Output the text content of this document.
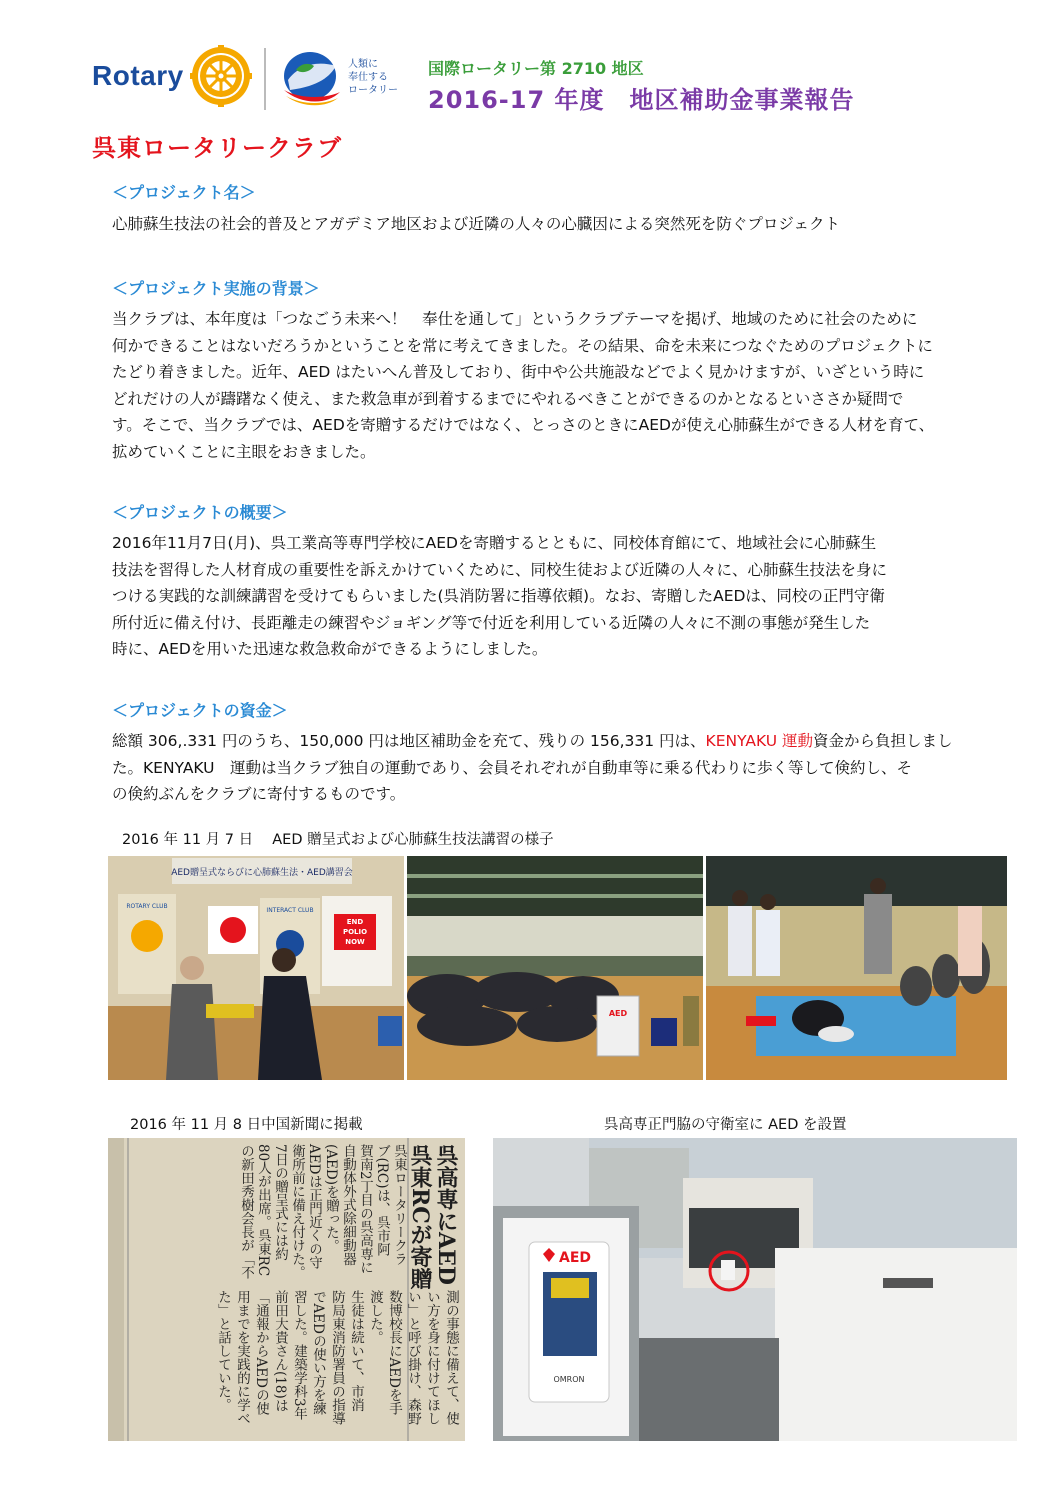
Rotary	人類に
奉仕する
ロータリー
国際ロータリー第 2710 地区
2016-17 年度　地区補助金事業報告
呉東ロータリークラブ
＜プロジェクト名＞

心肺蘇生技法の社会的普及とアガデミア地区および近隣の人々の心臓因による突然死を防ぐプロジェクト

＜プロジェクト実施の背景＞

当クラブは、本年度は「つなごう未来へ！　奉仕を通して」というクラブテーマを掲げ、地域のために社会のために

何かできることはないだろうかということを常に考えてきました。その結果、命を未来につなぐためのプロジェクトに

たどり着きました。近年、AED はたいへん普及しており、街中や公共施設などでよく見かけますが、いざという時に

どれだけの人が躊躇なく使え、また救急車が到着するまでにやれるべきことができるのかとなるといささか疑問で

す。そこで、当クラブでは、AEDを寄贈するだけではなく、とっさのときにAEDが使え心肺蘇生ができる人材を育て、

拡めていくことに主眼をおきました。

＜プロジェクトの概要＞

2016年11月7日(月)、呉工業高等専門学校にAEDを寄贈するとともに、同校体育館にて、地域社会に心肺蘇生

技法を習得した人材育成の重要性を訴えかけていくために、同校生徒および近隣の人々に、心肺蘇生技法を身に

つける実践的な訓練講習を受けてもらいました(呉消防署に指導依頼)。なお、寄贈したAEDは、同校の正門守衛

所付近に備え付け、長距離走の練習やジョギング等で付近を利用している近隣の人々に不測の事態が発生した

時に、AEDを用いた迅速な救急救命ができるようにしました。

＜プロジェクトの資金＞

総額 306,.331 円のうち、150,000 円は地区補助金を充て、残りの 156,331 円は、KENYAKU 運動資金から負担しまし

た。KENYAKU　運動は当クラブ独自の運動であり、会員それぞれが自動車等に乗る代わりに歩く等して倹約し、そ

の倹約ぶんをクラブに寄付するものです。

2016 年 11 月 7 日　 AED 贈呈式および心肺蘇生技法講習の様子
AED贈呈式ならびに心肺蘇生法・AED講習会
ROTARY CLUB
INTERACT CLUB
END
POLIO
NOW
AED
2016 年 11 月 8 日中国新聞に掲載	呉高専正門脇の守衛室に AED を設置
呉高専にAED
呉東RCが寄贈
呉東ロータリークラ
ブ(RC)は、呉市阿
賀南2丁目の呉高専に
自動体外式除細動器
(AED)を贈った。
AEDは正門近くの守
衛所前に備え付けた。
7日の贈呈式には約
80人が出席。呉東RC
の新田秀樹会長が「不
測の事態に備えて、使
い方を身に付けてほし
い」と呼び掛け、森野
数博校長にAEDを手
渡した。
生徒は続いて、市消
防局東消防署員の指導
でAEDの使い方を練
習した。建築学科3年
前田大貴さん(18)は
「通報からAEDの使
用までを実践的に学べ
た」と話していた。
AED
OMRON
